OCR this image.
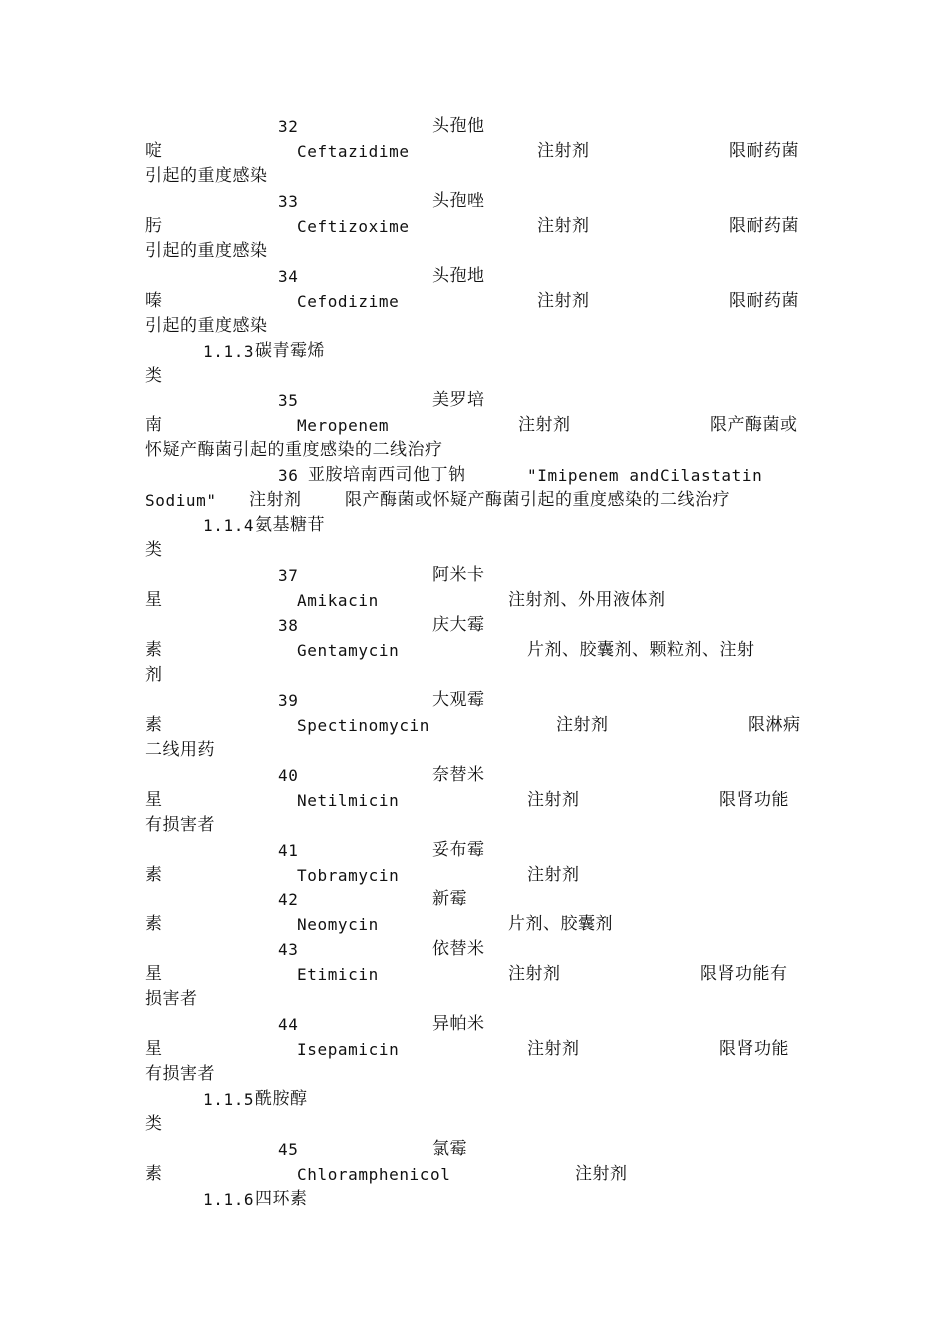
32	头孢他
啶	Ceftazidime	注射剂	限耐药菌
引起的重度感染
33	头孢唑
肟	Ceftizoxime	注射剂	限耐药菌
引起的重度感染
34	头孢地
嗪	Cefodizime	注射剂	限耐药菌
引起的重度感染
1.1.3 碳青霉烯
类
35	美罗培
南	Meropenem	注射剂	限产酶菌或
怀疑产酶菌引起的重度感染的二线治疗
36 亚胺培南西司他丁钠	"Imipenem andCilastatin
Sodium" 注射剂	限产酶菌或怀疑产酶菌引起的重度感染的二线治疗
1.1.4 氨基糖苷
类
37	阿米卡
星	Amikacin	注射剂、外用液体剂
38	庆大霉
素	Gentamycin	片剂、胶囊剂、颗粒剂、注射
剂
39	大观霉
素	Spectinomycin	注射剂	限淋病
二线用药
40	奈替米
星	Netilmicin	注射剂	限肾功能
有损害者
41	妥布霉
素	Tobramycin	注射剂
42	新霉
素	Neomycin	片剂、胶囊剂
43	依替米
星	Etimicin	注射剂	限肾功能有
损害者
44	异帕米
星	Isepamicin	注射剂	限肾功能
有损害者
1.1.5 酰胺醇
类
45	氯霉
素	Chloramphenicol	注射剂
1.1.6 四环素
